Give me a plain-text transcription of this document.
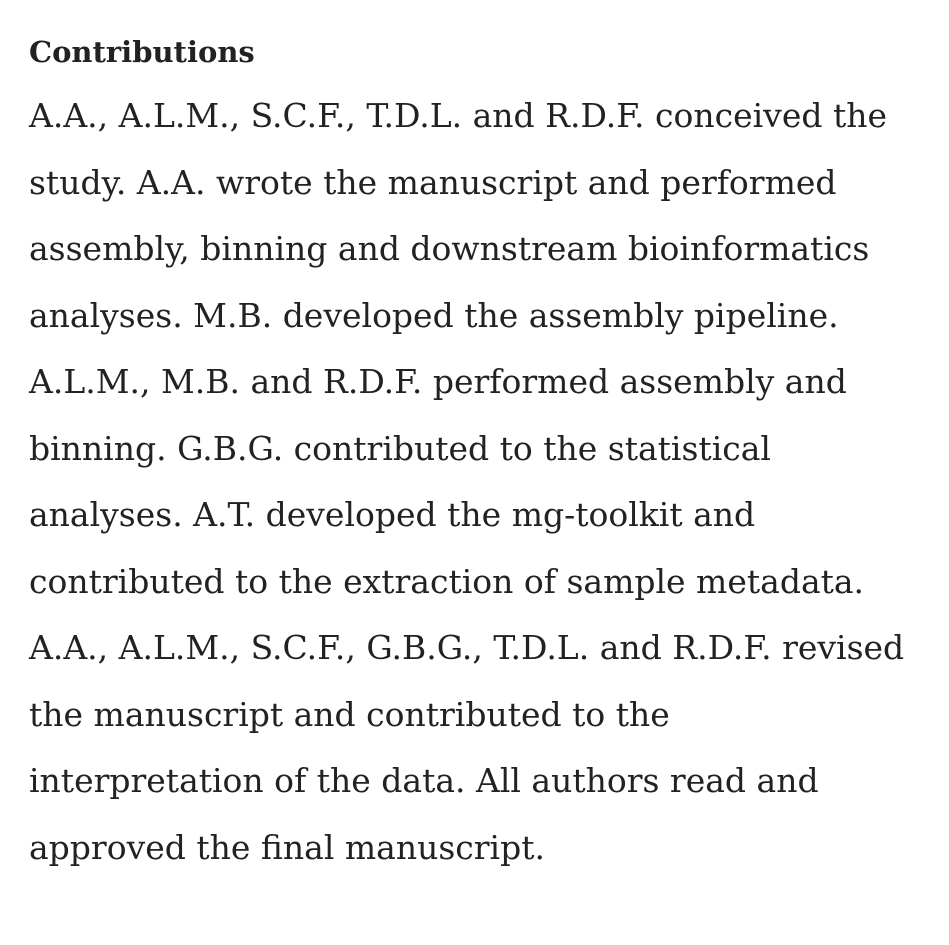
Contributions

A.A., A.L.M., S.C.F., T.D.L. and R.D.F. conceived the
study. A.A. wrote the manuscript and performed
assembly, binning and downstream bioinformatics
analyses. M.B. developed the assembly pipeline.
A.L.M., M.B. and R.D.F. performed assembly and
binning. G.B.G. contributed to the statistical
analyses. A.T. developed the mg-toolkit and
contributed to the extraction of sample metadata.
A.A., A.L.M., S.C.F., G.B.G., T.D.L. and R.D.F. revised
the manuscript and contributed to the
interpretation of the data. All authors read and
approved the final manuscript.
